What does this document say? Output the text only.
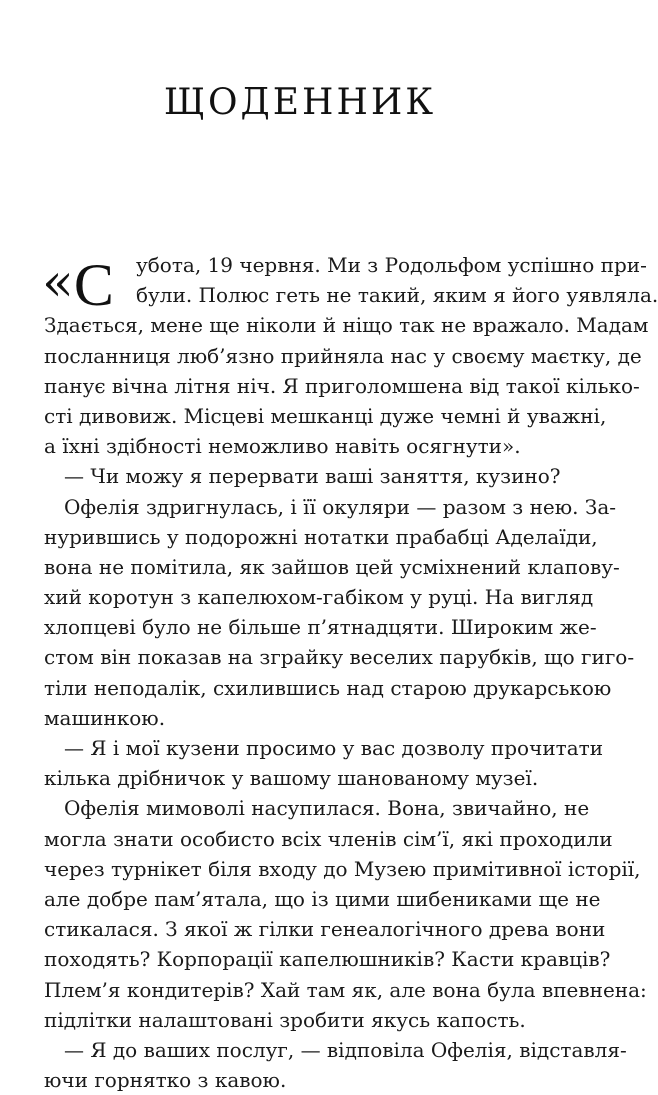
ЩОДЕННИК
« С	убота, 19 червня. Ми з Родольфом успішно при-
були. Полюс геть не такий, яким я його уявляла.
Здається, мене ще ніколи й ніщо так не вражало. Мадам
посланниця люб’язно прийняла нас у своєму маєтку, де
панує вічна літня ніч. Я приголомшена від такої кілько-
сті дивовиж. Місцеві мешканці дуже чемні й уважні,
а їхні здібності неможливо навіть осягнути».
— Чи можу я перервати ваші заняття, кузино?
Офелія здригнулась, і її окуляри — разом з нею. За-
нурившись у подорожні нотатки прабабці Аделаїди,
вона не помітила, як зайшов цей усміхнений клапову-
хий коротун з капелюхом-габіком у руці. На вигляд
хлопцеві було не більше п’ятнадцяти. Широким же-
стом він показав на зграйку веселих парубків, що гиго-
тіли неподалік, схилившись над старою друкарською
машинкою.
— Я і мої кузени просимо у вас дозволу прочитати
кілька дрібничок у вашому шанованому музеї.
Офелія мимоволі насупилася. Вона, звичайно, не
могла знати особисто всіх членів сім’ї, які проходили
через турнікет біля входу до Музею примітивної історії,
але добре пам’ятала, що із цими шибениками ще не
стикалася. З якої ж гілки генеалогічного древа вони
походять? Корпорації капелюшників? Касти кравців?
Плем’я кондитерів? Хай там як, але вона була впевнена:
підлітки налаштовані зробити якусь капость.
— Я до ваших послуг, — відповіла Офелія, відставля-
ючи горнятко з кавою.
